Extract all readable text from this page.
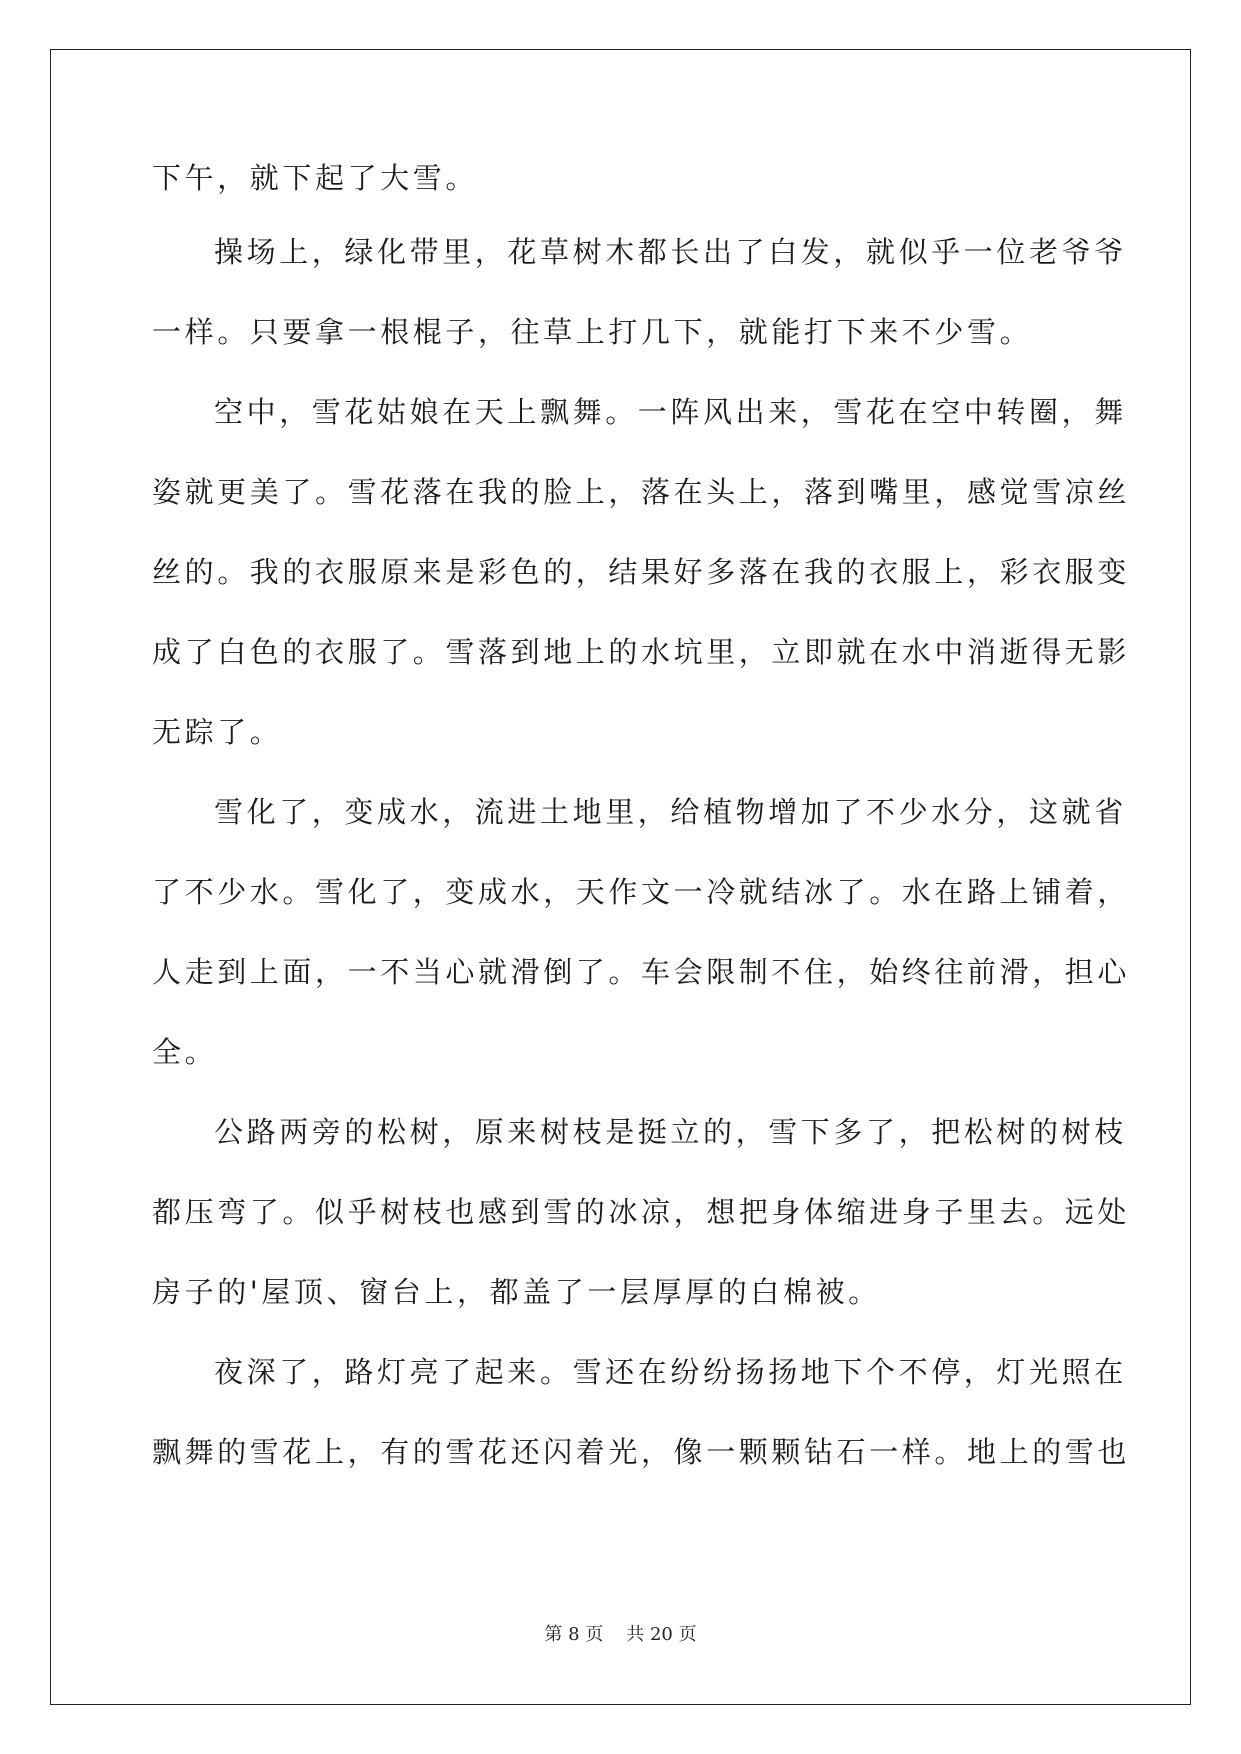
下午，就下起了大雪。
操场上，绿化带里，花草树木都长出了白发，就似乎一位老爷爷
一样。只要拿一根棍子，往草上打几下，就能打下来不少雪。
空中，雪花姑娘在天上飘舞。一阵风出来，雪花在空中转圈，舞
姿就更美了。雪花落在我的脸上，落在头上，落到嘴里，感觉雪凉丝
丝的。我的衣服原来是彩色的，结果好多落在我的衣服上，彩衣服变
成了白色的衣服了。雪落到地上的水坑里，立即就在水中消逝得无影
无踪了。
雪化了，变成水，流进土地里，给植物增加了不少水分，这就省
了不少水。雪化了，变成水，天作文一冷就结冰了。水在路上铺着，
人走到上面，一不当心就滑倒了。车会限制不住，始终往前滑，担心
全。
公路两旁的松树，原来树枝是挺立的，雪下多了，把松树的树枝
都压弯了。似乎树枝也感到雪的冰凉，想把身体缩进身子里去。远处
房子的'屋顶、窗台上，都盖了一层厚厚的白棉被。
夜深了，路灯亮了起来。雪还在纷纷扬扬地下个不停，灯光照在
飘舞的雪花上，有的雪花还闪着光，像一颗颗钻石一样。地上的雪也
第 8 页 共 20 页
